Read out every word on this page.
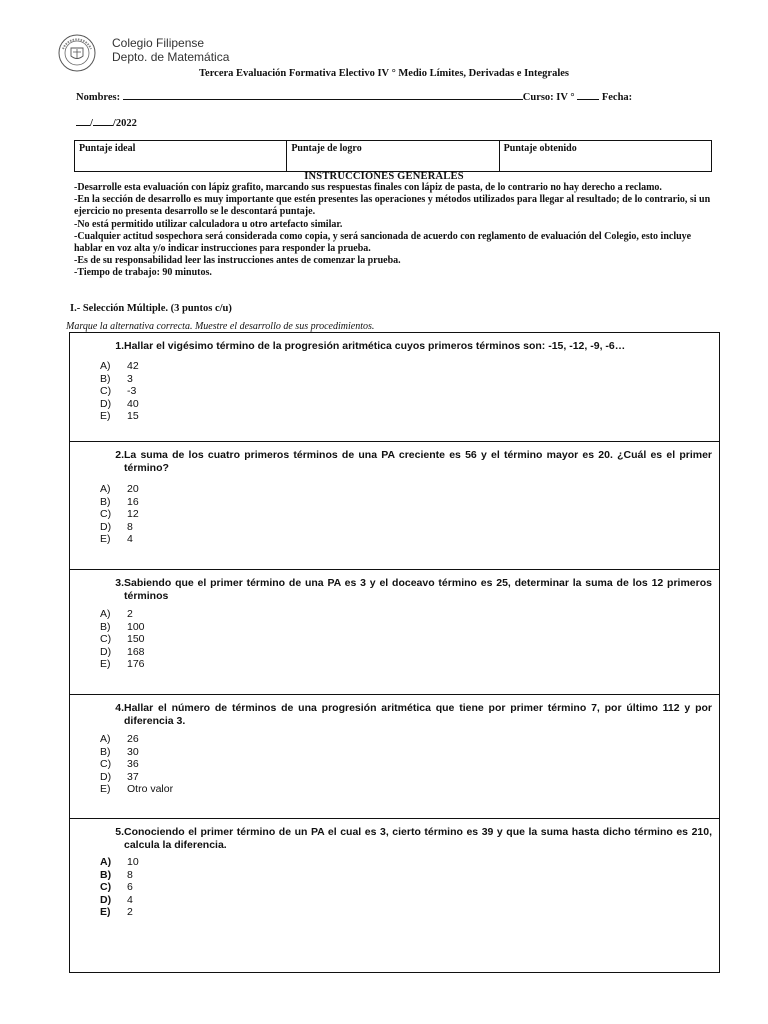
Colegio Filipense
Depto. de Matemática
Tercera Evaluación Formativa Electivo IV ° Medio Límites, Derivadas e Integrales
Nombres:	Curso: IV °	Fecha:
/ /2022
Puntaje ideal	Puntaje de logro	Puntaje obtenido
INSTRUCCIONES GENERALES
-Desarrolle esta evaluación con lápiz grafito, marcando sus respuestas finales con lápiz de pasta, de lo contrario no hay derecho a reclamo.
-En la sección de desarrollo es muy importante que estén presentes las operaciones y métodos utilizados para llegar al resultado; de lo contrario, si un ejercicio no presenta desarrollo se le descontará puntaje.
-No está permitido utilizar calculadora u otro artefacto similar.
-Cualquier actitud sospechora será considerada como copia, y será sancionada de acuerdo con reglamento de evaluación del Colegio, esto incluye hablar en voz alta y/o indicar instrucciones para responder la prueba.
-Es de su responsabilidad leer las instrucciones antes de comenzar la prueba.
-Tiempo de trabajo: 90 minutos.
I.- Selección Múltiple. (3 puntos c/u)
Marque la alternativa correcta. Muestre el desarrollo de sus procedimientos.
1. Hallar el vigésimo término de la progresión aritmética cuyos primeros términos son: -15, -12, -9, -6…
A)	42
B)	3
C)	-3
D)	40
E)	15
2. La suma de los cuatro primeros términos de una PA creciente es 56 y el término mayor es 20. ¿Cuál es el primer término?
A)	20
B)	16
C)	12
D)	8
E)	4
3. Sabiendo que el primer término de una PA es 3 y el doceavo término es 25, determinar la suma de los 12 primeros términos
A)	2
B)	100
C)	150
D)	168
E)	176
4. Hallar el número de términos de una progresión aritmética que tiene por primer término 7, por último 112 y por diferencia 3.
A)	26
B)	30
C)	36
D)	37
E)	Otro valor
5. Conociendo el primer término de un PA el cual es 3, cierto término es 39 y que la suma hasta dicho término es 210, calcula la diferencia.
A)	10
B)	8
C)	6
D)	4
E)	2
